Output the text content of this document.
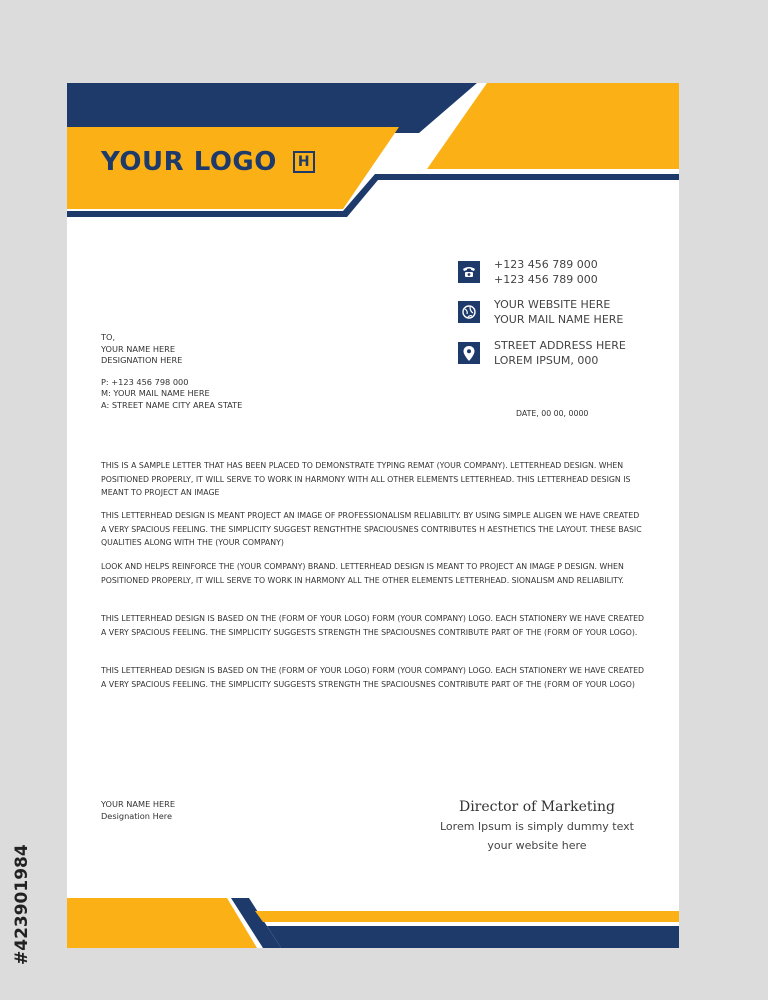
YOUR LOGO H
+123 456 789 000
+123 456 789 000
YOUR WEBSITE HERE
YOUR MAIL NAME HERE
STREET ADDRESS HERE
LOREM IPSUM, 000
TO,
YOUR NAME HERE
DESIGNATION HERE
P: +123 456 798 000
M: YOUR MAIL NAME HERE
A: STREET NAME CITY AREA STATE
DATE, 00 00, 0000
THIS IS A SAMPLE LETTER THAT HAS BEEN PLACED TO DEMONSTRATE TYPING REMAT (YOUR COMPANY). LETTERHEAD DESIGN. WHEN POSITIONED PROPERLY, IT WILL SERVE TO WORK IN HARMONY WITH ALL OTHER ELEMENTS LETTERHEAD. THIS LETTERHEAD DESIGN IS MEANT TO PROJECT AN IMAGE
THIS LETTERHEAD DESIGN IS MEANT PROJECT AN IMAGE OF PROFESSIONALISM RELIABILITY. BY USING SIMPLE ALIGEN WE HAVE CREATED A VERY SPACIOUS FEELING. THE SIMPLICITY SUGGEST RENGTHTHE SPACIOUSNES CONTRIBUTES H AESTHETICS THE LAYOUT. THESE BASIC QUALITIES ALONG WITH THE (YOUR COMPANY)
LOOK AND HELPS REINFORCE THE (YOUR COMPANY) BRAND. LETTERHEAD DESIGN IS MEANT TO PROJECT AN IMAGE P DESIGN. WHEN POSITIONED PROPERLY, IT WILL SERVE TO WORK IN HARMONY ALL THE OTHER ELEMENTS LETTERHEAD. SIONALISM AND RELIABILITY.
THIS LETTERHEAD DESIGN IS BASED ON THE (FORM OF YOUR LOGO) FORM (YOUR COMPANY) LOGO. EACH STATIONERY WE HAVE CREATED A VERY SPACIOUS FEELING. THE SIMPLICITY SUGGESTS STRENGTH THE SPACIOUSNES CONTRIBUTE PART OF THE (FORM OF YOUR LOGO).
THIS LETTERHEAD DESIGN IS BASED ON THE (FORM OF YOUR LOGO) FORM (YOUR COMPANY) LOGO. EACH STATIONERY WE HAVE CREATED A VERY SPACIOUS FEELING. THE SIMPLICITY SUGGESTS STRENGTH THE SPACIOUSNES CONTRIBUTE PART OF THE (FORM OF YOUR LOGO)
YOUR NAME HERE
Designation Here
Director of Marketing
Lorem Ipsum is simply dummy text
your website here
#423901984
